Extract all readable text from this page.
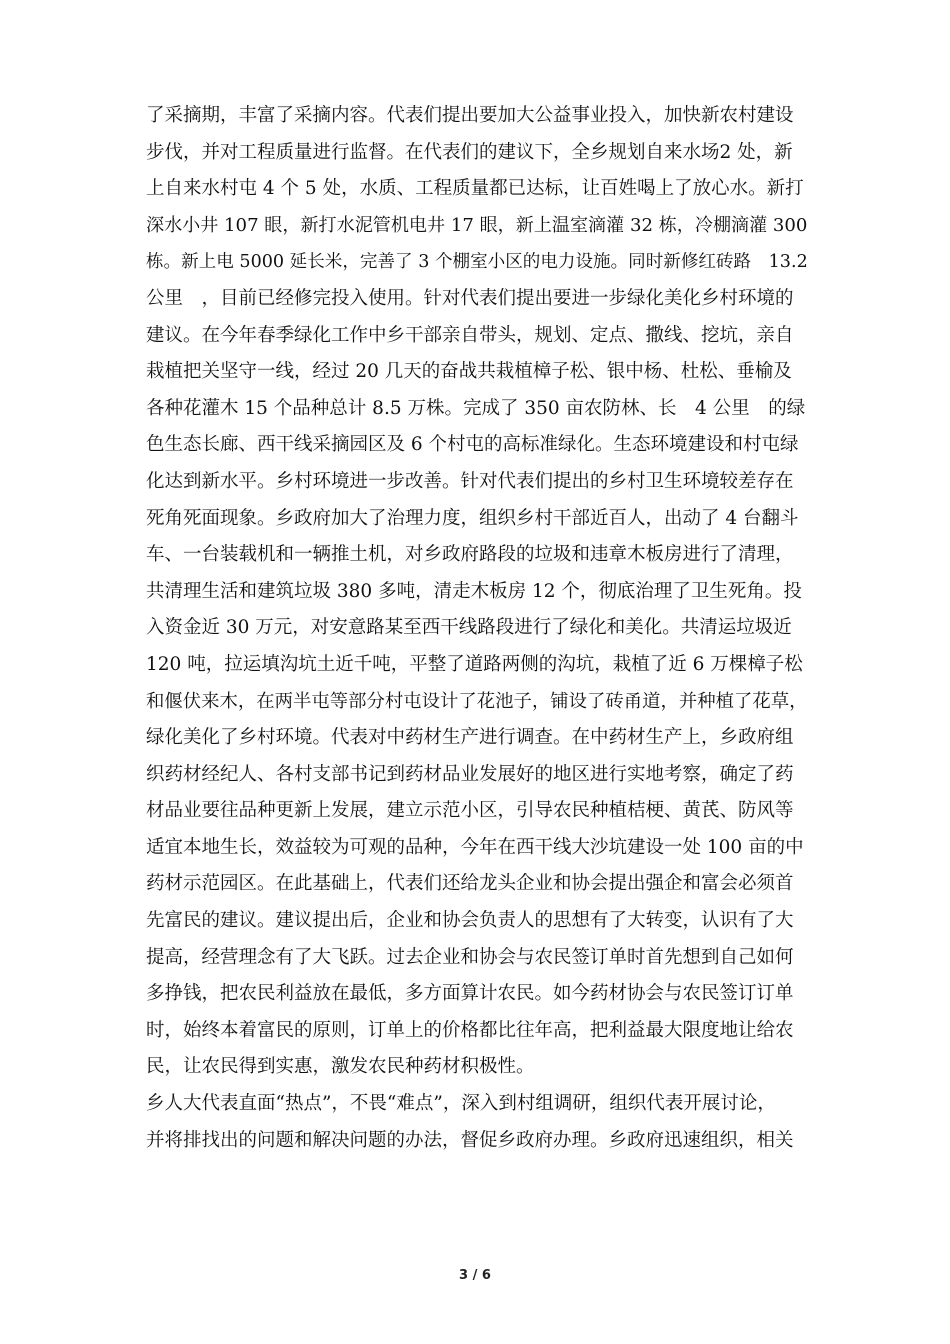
了采摘期，丰富了采摘内容。代表们提出要加大公益事业投入，加快新农村建设
步伐，并对工程质量进行监督。在代表们的建议下，全乡规划自来水场2 处，新
上自来水村屯 4 个 5 处，水质、工程质量都已达标，让百姓喝上了放心水。新打
深水小井 107 眼，新打水泥管机电井 17 眼，新上温室滴灌 32 栋，冷棚滴灌 300
栋。新上电 5000 延长米，完善了 3 个棚室小区的电力设施。同时新修红砖路　13.2
公里　，目前已经修完投入使用。针对代表们提出要进一步绿化美化乡村环境的
建议。在今年春季绿化工作中乡干部亲自带头，规划、定点、撒线、挖坑，亲自
栽植把关坚守一线，经过 20 几天的奋战共栽植樟子松、银中杨、杜松、垂榆及
各种花灌木 15 个品种总计 8.5 万株。完成了 350 亩农防林、长　4 公里　的绿
色生态长廊、西干线采摘园区及 6 个村屯的高标准绿化。生态环境建设和村屯绿
化达到新水平。乡村环境进一步改善。针对代表们提出的乡村卫生环境较差存在
死角死面现象。乡政府加大了治理力度，组织乡村干部近百人，出动了 4 台翻斗
车、一台装载机和一辆推土机，对乡政府路段的垃圾和违章木板房进行了清理，
共清理生活和建筑垃圾 380 多吨，清走木板房 12 个，彻底治理了卫生死角。投
入资金近 30 万元，对安意路某至西干线路段进行了绿化和美化。共清运垃圾近
120 吨，拉运填沟坑土近千吨，平整了道路两侧的沟坑，栽植了近 6 万棵樟子松
和偃伏来木，在两半屯等部分村屯设计了花池子，铺设了砖甬道，并种植了花草，
绿化美化了乡村环境。代表对中药材生产进行调查。在中药材生产上，乡政府组
织药材经纪人、各村支部书记到药材品业发展好的地区进行实地考察，确定了药
材品业要往品种更新上发展，建立示范小区，引导农民种植桔梗、黄芪、防风等
适宜本地生长，效益较为可观的品种，今年在西干线大沙坑建设一处 100 亩的中
药材示范园区。在此基础上，代表们还给龙头企业和协会提出强企和富会必须首
先富民的建议。建议提出后，企业和协会负责人的思想有了大转变，认识有了大
提高，经营理念有了大飞跃。过去企业和协会与农民签订单时首先想到自己如何
多挣钱，把农民利益放在最低，多方面算计农民。如今药材协会与农民签订订单
时，始终本着富民的原则，订单上的价格都比往年高，把利益最大限度地让给农
民，让农民得到实惠，激发农民种药材积极性。
乡人大代表直面“热点”，不畏“难点”，深入到村组调研，组织代表开展讨论，
并将排找出的问题和解决问题的办法，督促乡政府办理。乡政府迅速组织，相关
3 / 6
